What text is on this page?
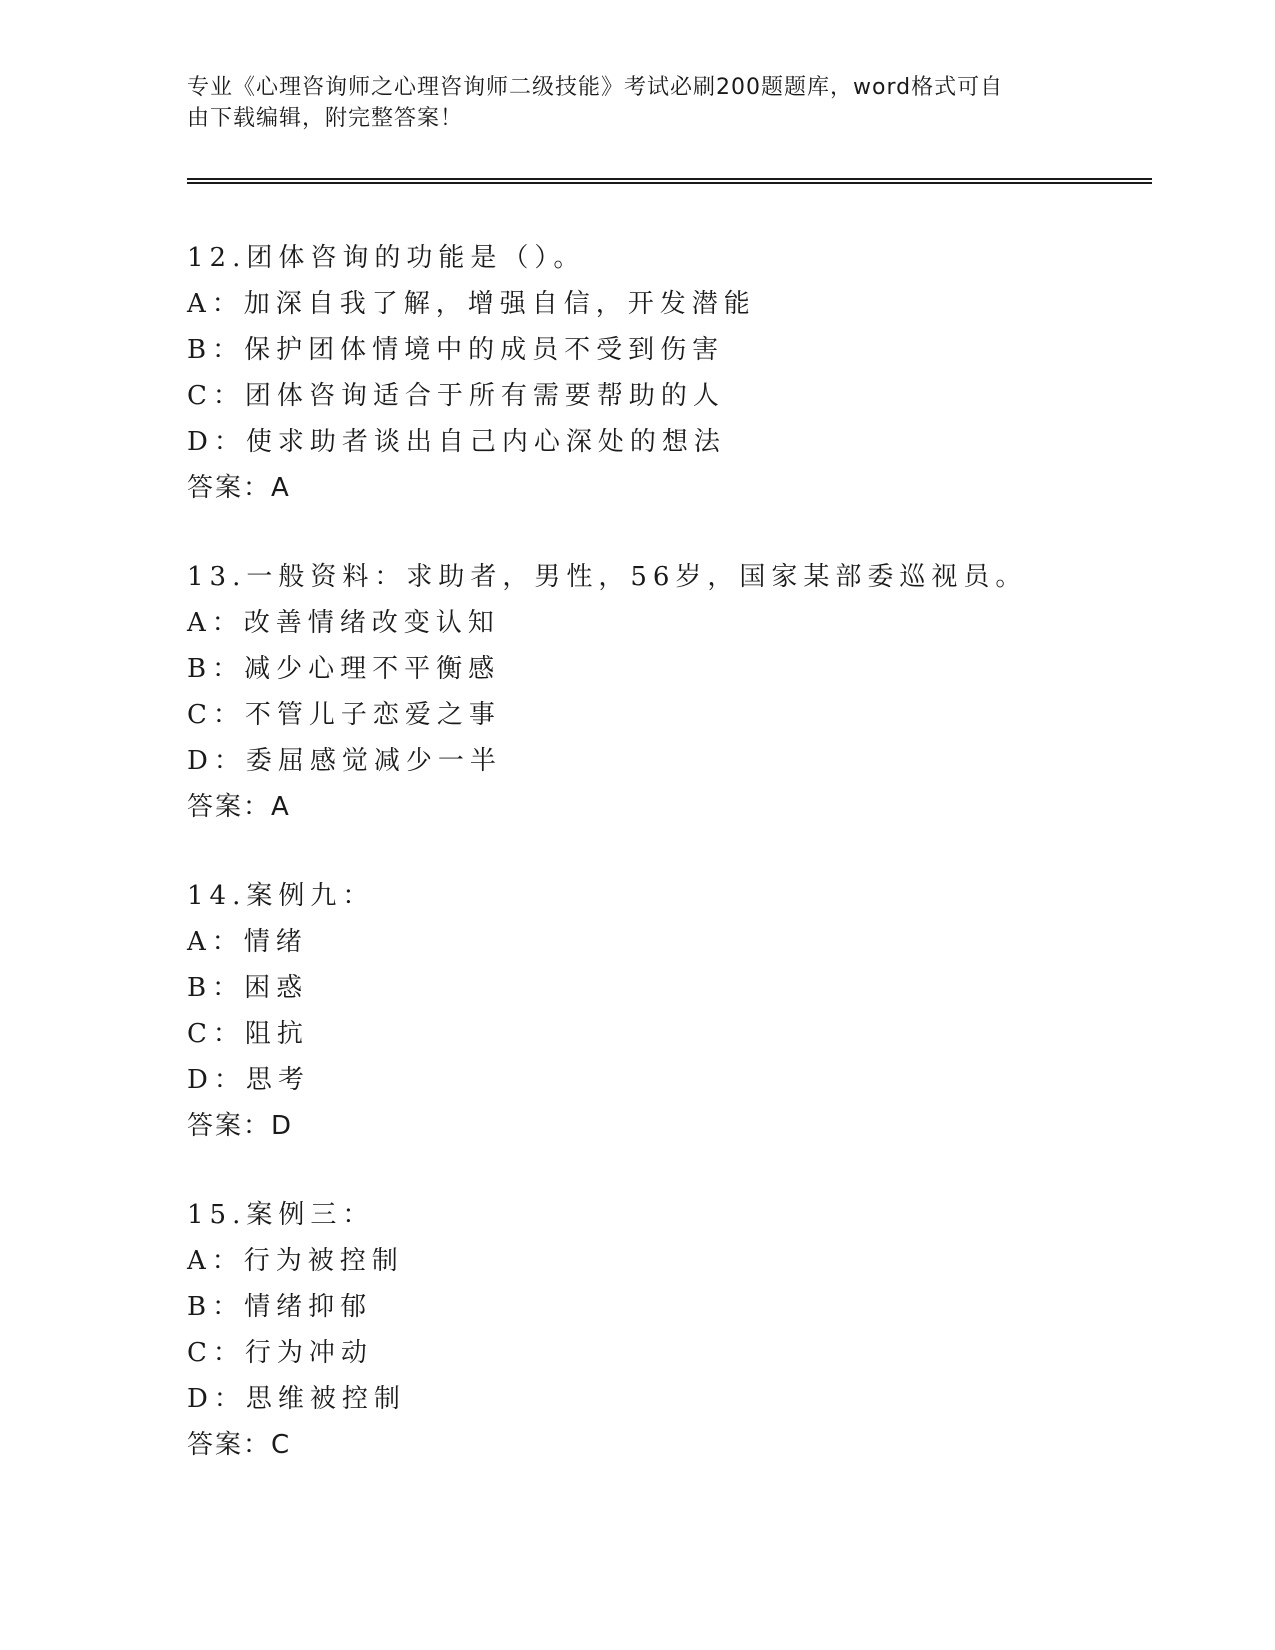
专业《心理咨询师之心理咨询师二级技能》考试必刷200题题库，word格式可自
由下载编辑，附完整答案！
12.团体咨询的功能是（）。
A：加深自我了解，增强自信，开发潜能
B：保护团体情境中的成员不受到伤害
C：团体咨询适合于所有需要帮助的人
D：使求助者谈出自己内心深处的想法
答案：A
13.一般资料：求助者，男性，56岁，国家某部委巡视员。
A：改善情绪改变认知
B：减少心理不平衡感
C：不管儿子恋爱之事
D：委屈感觉减少一半
答案：A
14.案例九：
A：情绪
B：困惑
C：阻抗
D：思考
答案：D
15.案例三：
A：行为被控制
B：情绪抑郁
C：行为冲动
D：思维被控制
答案：C
